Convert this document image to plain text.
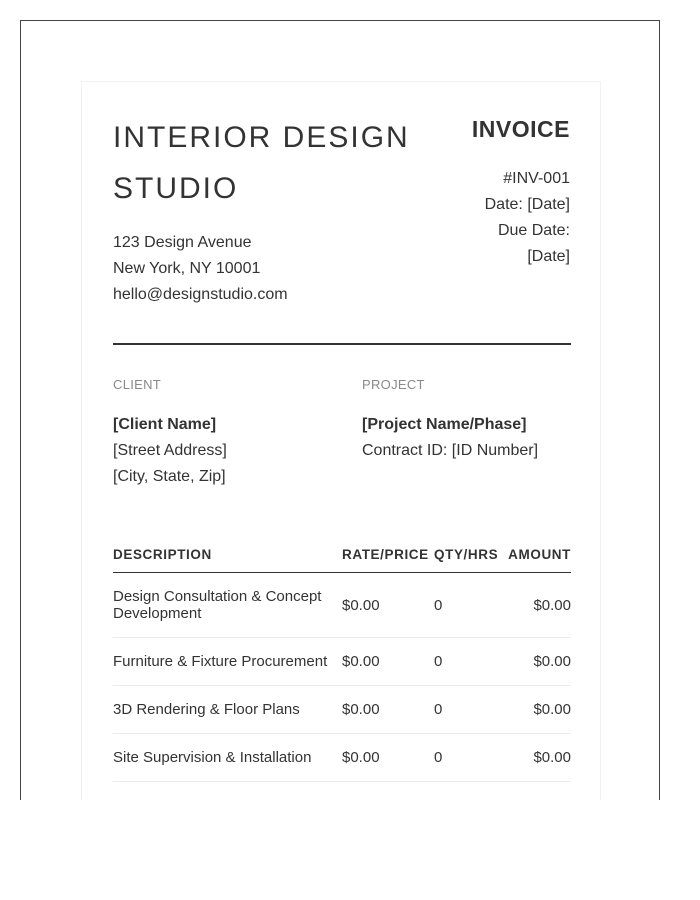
INTERIOR DESIGN STUDIO
123 Design Avenue
New York, NY 10001
hello@designstudio.com
INVOICE
#INV-001
Date: [Date]
Due Date:
[Date]
CLIENT	PROJECT
[Client Name]
[Street Address]
[City, State, Zip]
[Project Name/Phase]
Contract ID: [ID Number]
DESCRIPTION	RATE/PRICE	QTY/HRS	AMOUNT
Design Consultation & Concept Development	$0.00	0	$0.00
Furniture & Fixture Procurement	$0.00	0	$0.00
3D Rendering & Floor Plans	$0.00	0	$0.00
Site Supervision & Installation	$0.00	0	$0.00
